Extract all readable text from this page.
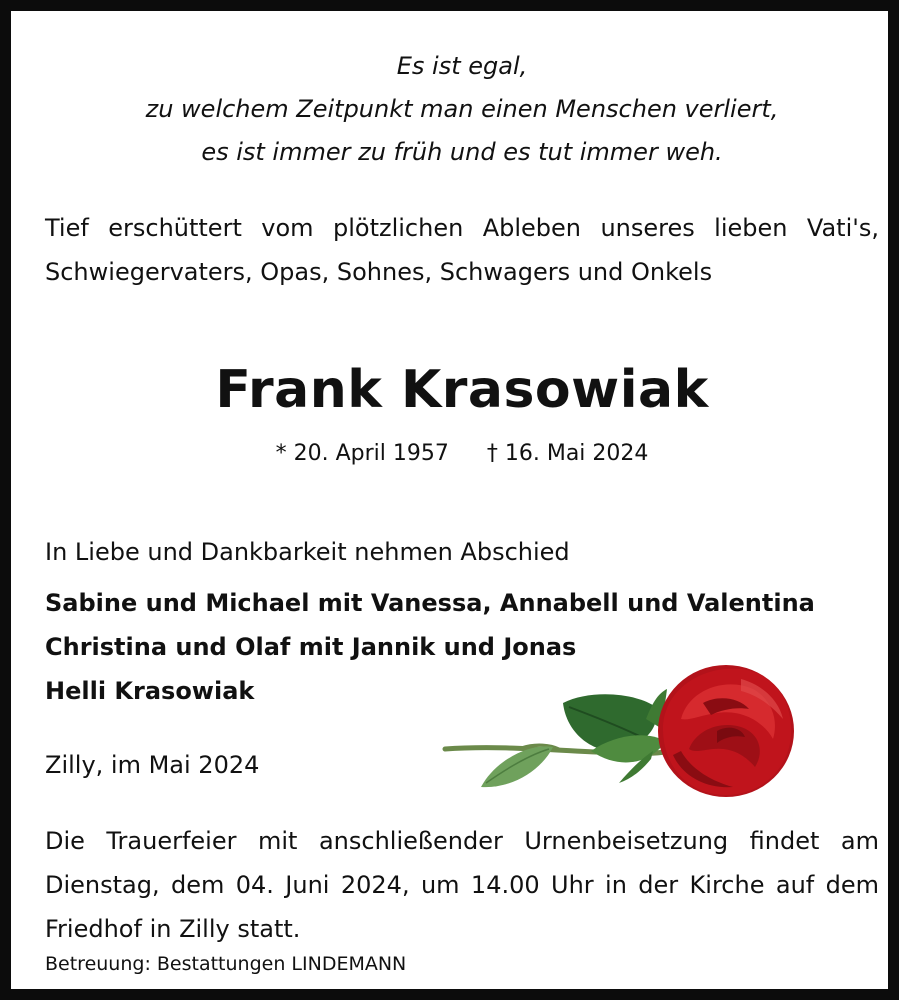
Es ist egal,
zu welchem Zeitpunkt man einen Menschen verliert,
es ist immer zu früh und es tut immer weh.
Tief erschüttert vom plötzlichen Ableben unseres lieben Vati's, Schwiegervaters, Opas, Sohnes, Schwagers und Onkels
Frank Krasowiak
* 20. April 1957 † 16. Mai 2024
In Liebe und Dankbarkeit nehmen Abschied
Sabine und Michael mit Vanessa, Annabell und Valentina
Christina und Olaf mit Jannik und Jonas
Helli Krasowiak
Zilly, im Mai 2024
Die Trauerfeier mit anschließender Urnenbeisetzung findet am Dienstag, dem 04. Juni 2024, um 14.00 Uhr in der Kirche auf dem Friedhof in Zilly statt.
Betreuung: Bestattungen LINDEMANN
